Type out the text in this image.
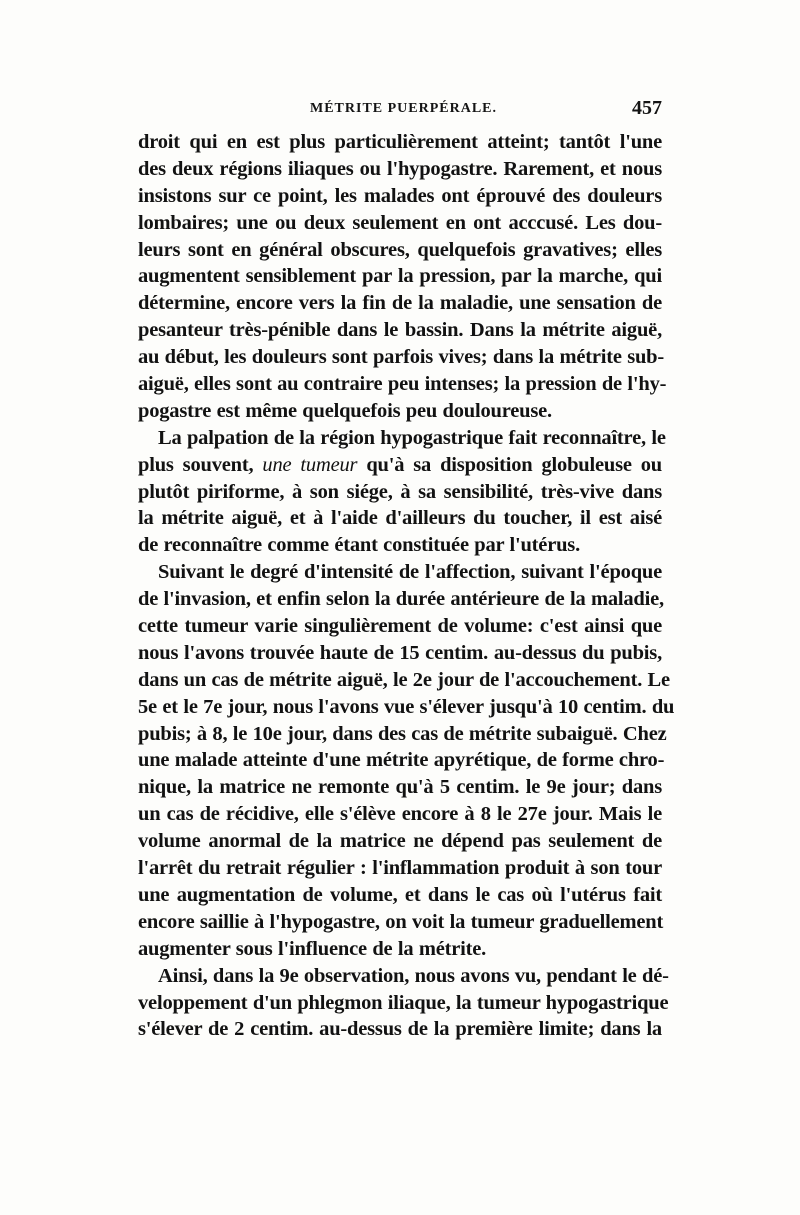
MÉTRITE PUERPÉRALE.	457
droit qui en est plus particulièrement atteint; tantôt l'une
des deux régions iliaques ou l'hypogastre. Rarement, et nous
insistons sur ce point, les malades ont éprouvé des douleurs
lombaires; une ou deux seulement en ont acccusé. Les dou-
leurs sont en général obscures, quelquefois gravatives; elles
augmentent sensiblement par la pression, par la marche, qui
détermine, encore vers la fin de la maladie, une sensation de
pesanteur très-pénible dans le bassin. Dans la métrite aiguë,
au début, les douleurs sont parfois vives; dans la métrite sub-
aiguë, elles sont au contraire peu intenses; la pression de l'hy-
pogastre est même quelquefois peu douloureuse.
La palpation de la région hypogastrique fait reconnaître, le
plus souvent, une tumeur qu'à sa disposition globuleuse ou
plutôt piriforme, à son siége, à sa sensibilité, très-vive dans
la métrite aiguë, et à l'aide d'ailleurs du toucher, il est aisé
de reconnaître comme étant constituée par l'utérus.
Suivant le degré d'intensité de l'affection, suivant l'époque
de l'invasion, et enfin selon la durée antérieure de la maladie,
cette tumeur varie singulièrement de volume: c'est ainsi que
nous l'avons trouvée haute de 15 centim. au-dessus du pubis,
dans un cas de métrite aiguë, le 2e jour de l'accouchement. Le
5e et le 7e jour, nous l'avons vue s'élever jusqu'à 10 centim. du
pubis; à 8, le 10e jour, dans des cas de métrite subaiguë. Chez
une malade atteinte d'une métrite apyrétique, de forme chro-
nique, la matrice ne remonte qu'à 5 centim. le 9e jour; dans
un cas de récidive, elle s'élève encore à 8 le 27e jour. Mais le
volume anormal de la matrice ne dépend pas seulement de
l'arrêt du retrait régulier : l'inflammation produit à son tour
une augmentation de volume, et dans le cas où l'utérus fait
encore saillie à l'hypogastre, on voit la tumeur graduellement
augmenter sous l'influence de la métrite.
Ainsi, dans la 9e observation, nous avons vu, pendant le dé-
veloppement d'un phlegmon iliaque, la tumeur hypogastrique
s'élever de 2 centim. au-dessus de la première limite; dans la
